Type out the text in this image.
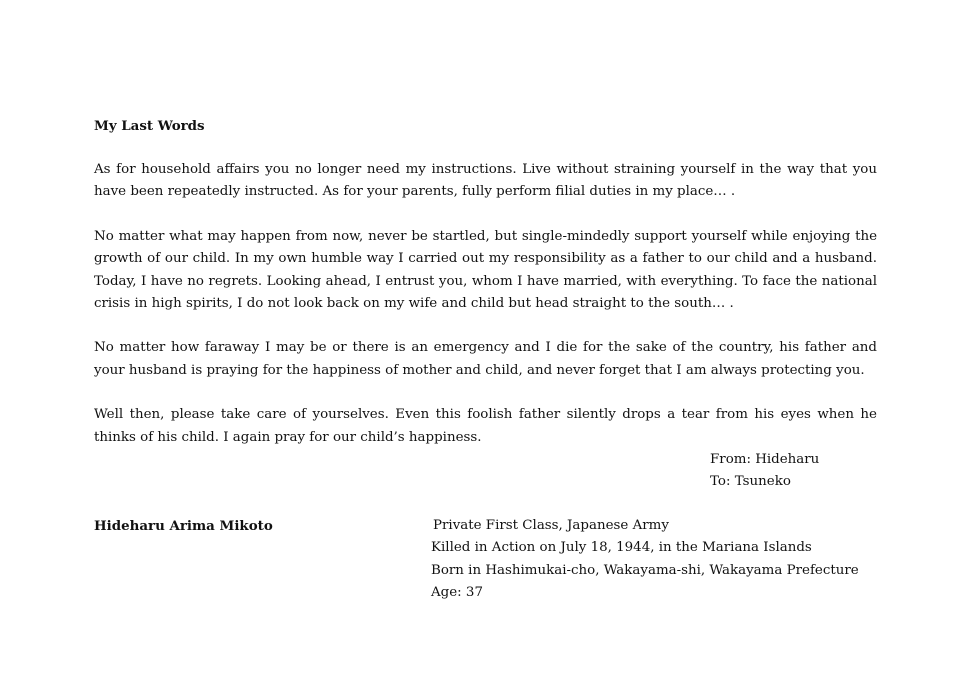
My Last Words
As for household affairs you no longer need my instructions. Live without straining yourself in the way that you have been repeatedly instructed. As for your parents, fully perform filial duties in my place… .
No matter what may happen from now, never be startled, but single-mindedly support yourself while enjoying the growth of our child. In my own humble way I carried out my responsibility as a father to our child and a husband. Today, I have no regrets. Looking ahead, I entrust you, whom I have married, with everything. To face the national crisis in high spirits, I do not look back on my wife and child but head straight to the south… .
No matter how faraway I may be or there is an emergency and I die for the sake of the country, his father and your husband is praying for the happiness of mother and child, and never forget that I am always protecting you.
Well then, please take care of yourselves. Even this foolish father silently drops a tear from his eyes when he thinks of his child. I again pray for our child’s happiness.
From: Hideharu
To: Tsuneko
Hideharu Arima Mikoto	Private First Class, Japanese Army
Killed in Action on July 18, 1944, in the Mariana Islands
Born in Hashimukai-cho, Wakayama-shi, Wakayama Prefecture
Age: 37
